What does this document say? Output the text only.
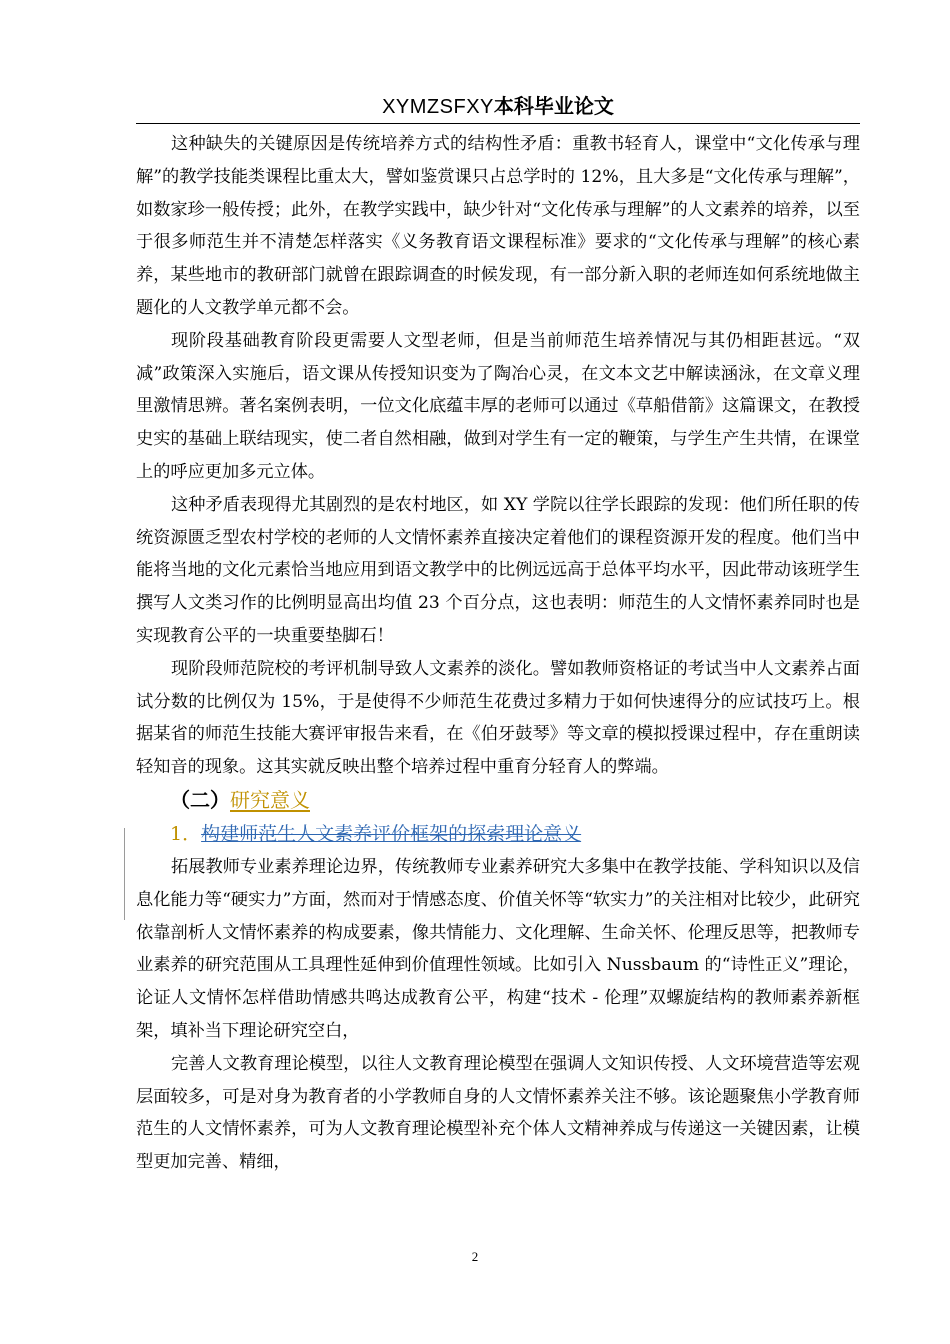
XYMZSFXY本科毕业论文

这种缺失的关键原因是传统培养方式的结构性矛盾：重教书轻育人，课堂中“文化传承与理解”的教学技能类课程比重太大，譬如鉴赏课只占总学时的 12%，且大多是“文化传承与理解”，如数家珍一般传授；此外，在教学实践中，缺少针对“文化传承与理解”的人文素养的培养，以至于很多师范生并不清楚怎样落实《义务教育语文课程标准》要求的“文化传承与理解”的核心素养，某些地市的教研部门就曾在跟踪调查的时候发现，有一部分新入职的老师连如何系统地做主题化的人文教学单元都不会。

现阶段基础教育阶段更需要人文型老师，但是当前师范生培养情况与其仍相距甚远。“双减”政策深入实施后，语文课从传授知识变为了陶冶心灵，在文本文艺中解读涵泳，在文章义理里激情思辨。著名案例表明，一位文化底蕴丰厚的老师可以通过《草船借箭》这篇课文，在教授史实的基础上联结现实，使二者自然相融，做到对学生有一定的鞭策，与学生产生共情，在课堂上的呼应更加多元立体。

这种矛盾表现得尤其剧烈的是农村地区，如 XY 学院以往学长跟踪的发现：他们所任职的传统资源匮乏型农村学校的老师的人文情怀素养直接决定着他们的课程资源开发的程度。他们当中能将当地的文化元素恰当地应用到语文教学中的比例远远高于总体平均水平，因此带动该班学生撰写人文类习作的比例明显高出均值 23 个百分点，这也表明：师范生的人文情怀素养同时也是实现教育公平的一块重要垫脚石！

现阶段师范院校的考评机制导致人文素养的淡化。譬如教师资格证的考试当中人文素养占面试分数的比例仅为 15%，于是使得不少师范生花费过多精力于如何快速得分的应试技巧上。根据某省的师范生技能大赛评审报告来看，在《伯牙鼓琴》等文章的模拟授课过程中，存在重朗读轻知音的现象。这其实就反映出整个培养过程中重育分轻育人的弊端。

（二）研究意义

1．构建师范生人文素养评价框架的探索理论意义

拓展教师专业素养理论边界，传统教师专业素养研究大多集中在教学技能、学科知识以及信息化能力等“硬实力”方面，然而对于情感态度、价值关怀等“软实力”的关注相对比较少，此研究依靠剖析人文情怀素养的构成要素，像共情能力、文化理解、生命关怀、伦理反思等，把教师专业素养的研究范围从工具理性延伸到价值理性领域。比如引入 Nussbaum 的“诗性正义”理论，论证人文情怀怎样借助情感共鸣达成教育公平，构建“技术 - 伦理”双螺旋结构的教师素养新框架，填补当下理论研究空白，

完善人文教育理论模型，以往人文教育理论模型在强调人文知识传授、人文环境营造等宏观层面较多，可是对身为教育者的小学教师自身的人文情怀素养关注不够。该论题聚焦小学教育师范生的人文情怀素养，可为人文教育理论模型补充个体人文精神养成与传递这一关键因素，让模型更加完善、精细，

2
